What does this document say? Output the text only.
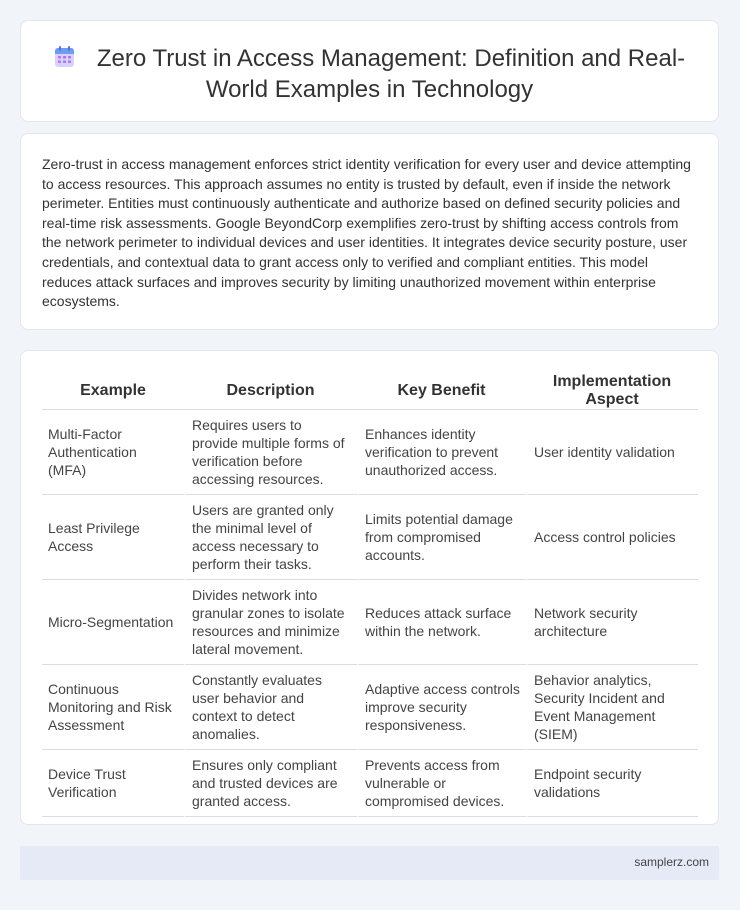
Zero Trust in Access Management: Definition and Real-World Examples in Technology

Zero-trust in access management enforces strict identity verification for every user and device attempting to access resources. This approach assumes no entity is trusted by default, even if inside the network perimeter. Entities must continuously authenticate and authorize based on defined security policies and real-time risk assessments. Google BeyondCorp exemplifies zero-trust by shifting access controls from the network perimeter to individual devices and user identities. It integrates device security posture, user credentials, and contextual data to grant access only to verified and compliant entities. This model reduces attack surfaces and improves security by limiting unauthorized movement within enterprise ecosystems.

Example	Description	Key Benefit	Implementation Aspect
Multi-Factor Authentication (MFA)	Requires users to provide multiple forms of verification before accessing resources.	Enhances identity verification to prevent unauthorized access.	User identity validation
Least Privilege Access	Users are granted only the minimal level of access necessary to perform their tasks.	Limits potential damage from compromised accounts.	Access control policies
Micro-Segmentation	Divides network into granular zones to isolate resources and minimize lateral movement.	Reduces attack surface within the network.	Network security architecture
Continuous Monitoring and Risk Assessment	Constantly evaluates user behavior and context to detect anomalies.	Adaptive access controls improve security responsiveness.	Behavior analytics, Security Incident and Event Management (SIEM)
Device Trust Verification	Ensures only compliant and trusted devices are granted access.	Prevents access from vulnerable or compromised devices.	Endpoint security validations
samplerz.com
